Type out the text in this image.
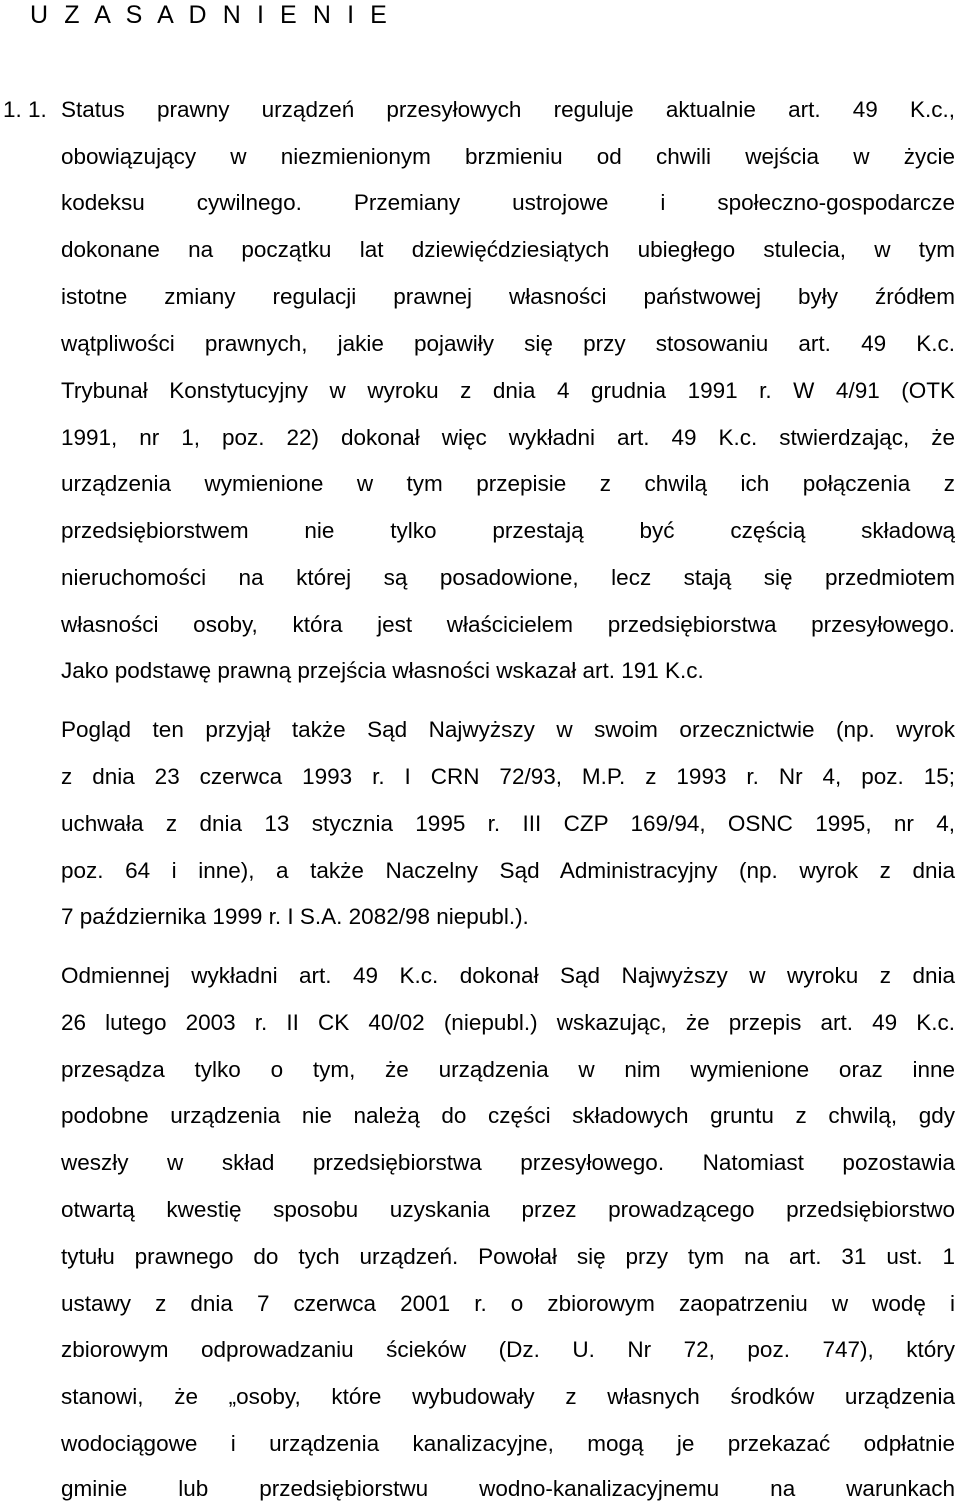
U Z A S A D N I E N I E
1. 1. Status prawny urządzeń przesyłowych reguluje aktualnie art. 49 K.c.,
obowiązujący w niezmienionym brzmieniu od chwili wejścia w życie
kodeksu cywilnego. Przemiany ustrojowe i społeczno-gospodarcze
dokonane na początku lat dziewięćdziesiątych ubiegłego stulecia, w tym
istotne zmiany regulacji prawnej własności państwowej były źródłem
wątpliwości prawnych, jakie pojawiły się przy stosowaniu art. 49 K.c.
Trybunał Konstytucyjny w wyroku z dnia 4 grudnia 1991 r. W 4/91 (OTK
1991, nr 1, poz. 22) dokonał więc wykładni art. 49 K.c. stwierdzając, że
urządzenia wymienione w tym przepisie z chwilą ich połączenia z
przedsiębiorstwem nie tylko przestają być częścią składową
nieruchomości na której są posadowione, lecz stają się przedmiotem
własności osoby, która jest właścicielem przedsiębiorstwa przesyłowego.
Jako podstawę prawną przejścia własności wskazał art. 191 K.c.
Pogląd ten przyjął także Sąd Najwyższy w swoim orzecznictwie (np. wyrok
z dnia 23 czerwca 1993 r. I CRN 72/93, M.P. z 1993 r. Nr 4, poz. 15;
uchwała z dnia 13 stycznia 1995 r. III CZP 169/94, OSNC 1995, nr 4,
poz. 64 i inne), a także Naczelny Sąd Administracyjny (np. wyrok z dnia
7 października 1999 r. I S.A. 2082/98 niepubl.).
Odmiennej wykładni art. 49 K.c. dokonał Sąd Najwyższy w wyroku z dnia
26 lutego 2003 r. II CK 40/02 (niepubl.) wskazując, że przepis art. 49 K.c.
przesądza tylko o tym, że urządzenia w nim wymienione oraz inne
podobne urządzenia nie należą do części składowych gruntu z chwilą, gdy
weszły w skład przedsiębiorstwa przesyłowego. Natomiast pozostawia
otwartą kwestię sposobu uzyskania przez prowadzącego przedsiębiorstwo
tytułu prawnego do tych urządzeń. Powołał się przy tym na art. 31 ust. 1
ustawy z dnia 7 czerwca 2001 r. o zbiorowym zaopatrzeniu w wodę i
zbiorowym odprowadzaniu ścieków (Dz. U. Nr 72, poz. 747), który
stanowi, że „osoby, które wybudowały z własnych środków urządzenia
wodociągowe i urządzenia kanalizacyjne, mogą je przekazać odpłatnie
gminie lub przedsiębiorstwu wodno-kanalizacyjnemu na warunkach
